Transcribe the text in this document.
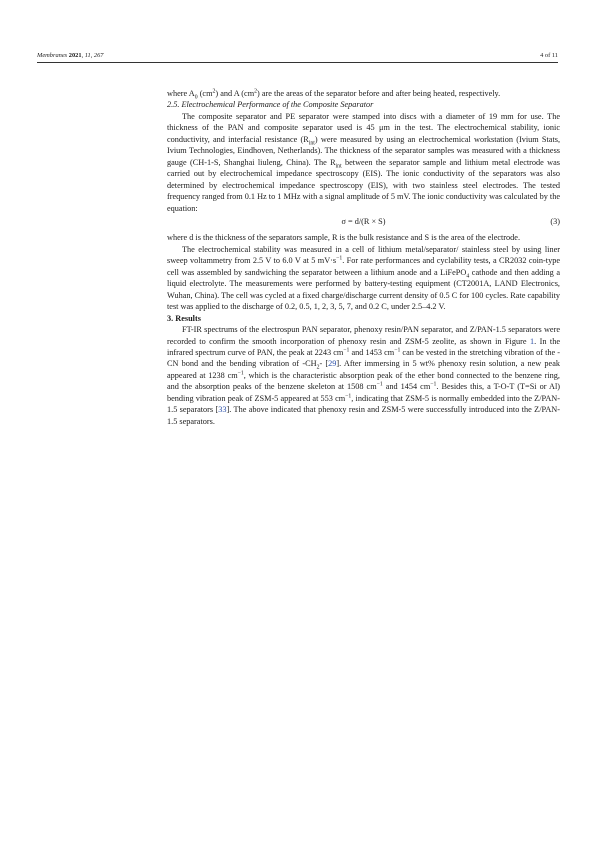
Membranes 2021, 11, 267	4 of 11

where $A_0$ $(cm^2)$ and A $(cm^2)$ are the areas of the separator before and after being heated, respectively.

2.5. Electrochemical Performance of the Composite Separator

The composite separator and PE separator were stamped into discs with a diameter of 19 mm for use. The thickness of the PAN and composite separator used is 45 μm in the test. The electrochemical stability, ionic conductivity, and interfacial resistance $(R_{int})$ were measured by using an electrochemical workstation (Ivium Stats, Ivium Technologies, Eindhoven, Netherlands). The thickness of the separator samples was measured with a thickness gauge (CH-1-S, Shanghai liuleng, China). The $R_{int}$ between the separator sample and lithium metal electrode was carried out by electrochemical impedance spectroscopy (EIS). The ionic conductivity of the separators was also determined by electrochemical impedance spectroscopy (EIS), with two stainless steel electrodes. The tested frequency ranged from 0.1 Hz to 1 MHz with a signal amplitude of 5 mV. The ionic conductivity was calculated by the equation:

σ = d/(R × S)	(3)

where d is the thickness of the separators sample, R is the bulk resistance and S is the area of the electrode.

The electrochemical stability was measured in a cell of lithium metal/separator/ stainless steel by using liner sweep voltammetry from 2.5 V to 6.0 V at 5 $mV\cdot s^{-1}$. For rate performances and cyclability tests, a CR2032 coin-type cell was assembled by sandwiching the separator between a lithium anode and a LiFePO$_4$ cathode and then adding a liquid electrolyte. The measurements were performed by battery-testing equipment (CT2001A, LAND Electronics, Wuhan, China). The cell was cycled at a fixed charge/discharge current density of 0.5 C for 100 cycles. Rate capability test was applied to the discharge of 0.2, 0.5, 1, 2, 3, 5, 7, and 0.2 C, under 2.5–4.2 V.

3. Results

FT-IR spectrums of the electrospun PAN separator, phenoxy resin/PAN separator, and Z/PAN-1.5 separators were recorded to confirm the smooth incorporation of phenoxy resin and ZSM-5 zeolite, as shown in Figure 1. In the infrared spectrum curve of PAN, the peak at 2243 $cm^{-1}$ and 1453 $cm^{-1}$ can be vested in the stretching vibration of the -CN bond and the bending vibration of $-CH_2-$ [29]. After immersing in 5 wt% phenoxy resin solution, a new peak appeared at 1238 $cm^{-1}$, which is the characteristic absorption peak of the ether bond connected to the benzene ring, and the absorption peaks of the benzene skeleton at 1508 $cm^{-1}$ and 1454 $cm^{-1}$. Besides this, a T-O-T (T=Si or Al) bending vibration peak of ZSM-5 appeared at 553 $cm^{-1}$, indicating that ZSM-5 is normally embedded into the Z/PAN-1.5 separators [33]. The above indicated that phenoxy resin and ZSM-5 were successfully introduced into the Z/PAN-1.5 separators.
